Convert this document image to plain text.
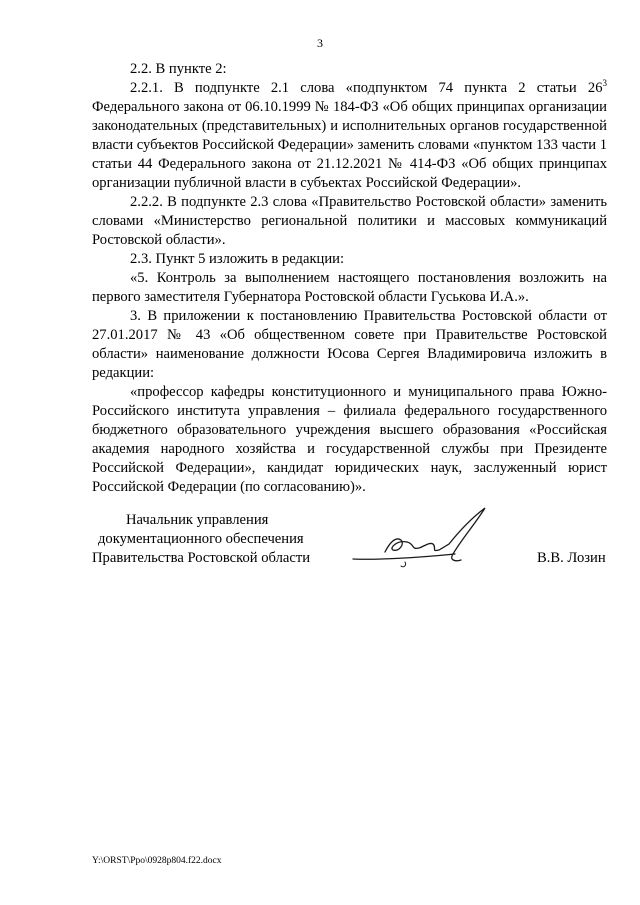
3

2.2. В пункте 2:

2.2.1. В подпункте 2.1 слова «подпунктом 74 пункта 2 статьи $26^3$ Федерального закона от 06.10.1999 № 184-ФЗ «Об общих принципах организации законодательных (представительных) и исполнительных органов государственной власти субъектов Российской Федерации» заменить словами «пунктом 133 части 1 статьи 44 Федерального закона от 21.12.2021 № 414-ФЗ «Об общих принципах организации публичной власти в субъектах Российской Федерации».

2.2.2. В подпункте 2.3 слова «Правительство Ростовской области» заменить словами «Министерство региональной политики и массовых коммуникаций Ростовской области».

2.3. Пункт 5 изложить в редакции:

«5. Контроль за выполнением настоящего постановления возложить на первого заместителя Губернатора Ростовской области Гуськова И.А.».

3. В приложении к постановлению Правительства Ростовской области от 27.01.2017 № 43 «Об общественном совете при Правительстве Ростовской области» наименование должности Юсова Сергея Владимировича изложить в редакции:

«профессор кафедры конституционного и муниципального права Южно-Российского института управления – филиала федерального государственного бюджетного образовательного учреждения высшего образования «Российская академия народного хозяйства и государственной службы при Президенте Российской Федерации», кандидат юридических наук, заслуженный юрист Российской Федерации (по согласованию)».

Начальник управления
документационного обеспечения
Правительства Ростовской области	В.В. Лозин
Y:\ORST\Ppo\0928p804.f22.docx
